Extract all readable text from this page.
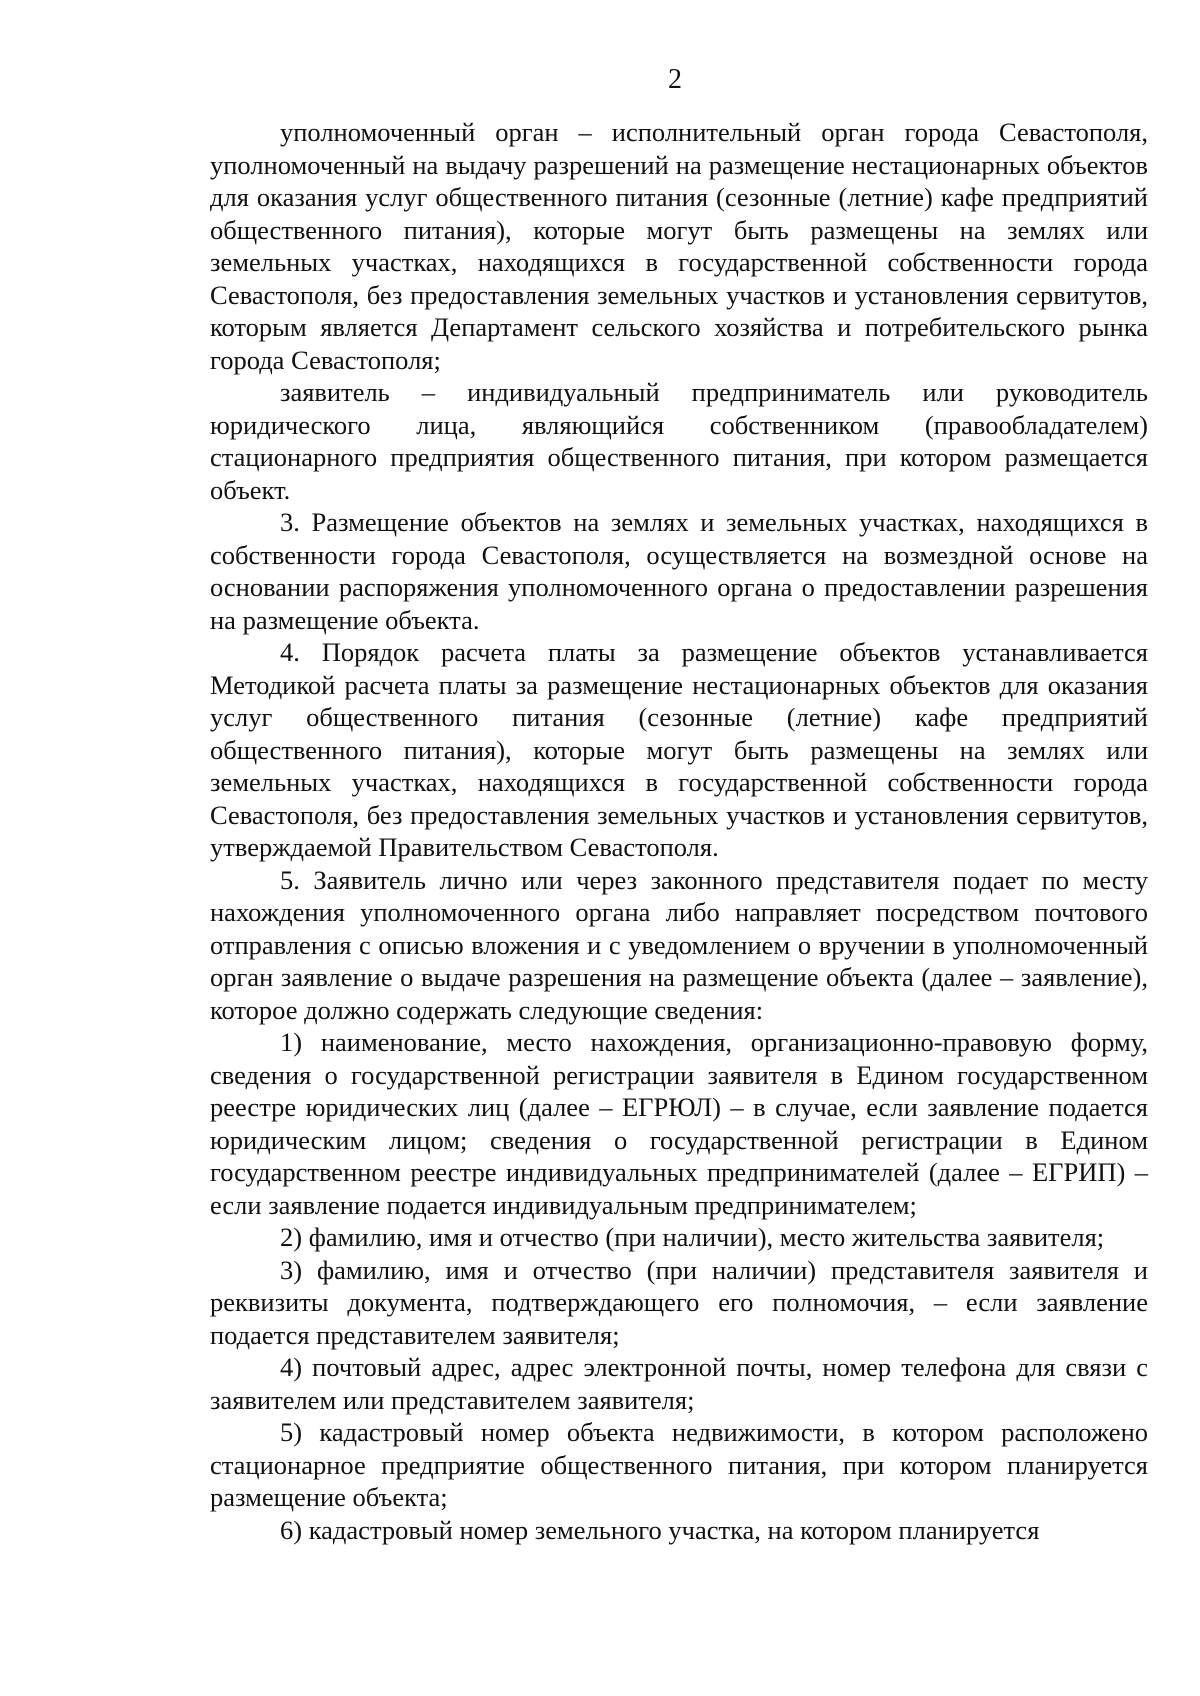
2

уполномоченный орган – исполнительный орган города Севастополя, уполномоченный на выдачу разрешений на размещение нестационарных объектов для оказания услуг общественного питания (сезонные (летние) кафе предприятий общественного питания), которые могут быть размещены на землях или земельных участках, находящихся в государственной собственности города Севастополя, без предоставления земельных участков и установления сервитутов, которым является Департамент сельского хозяйства и потребительского рынка города Севастополя;

заявитель – индивидуальный предприниматель или руководитель юридического лица, являющийся собственником (правообладателем) стационарного предприятия общественного питания, при котором размещается объект.

3. Размещение объектов на землях и земельных участках, находящихся в собственности города Севастополя, осуществляется на возмездной основе на основании распоряжения уполномоченного органа о предоставлении разрешения на размещение объекта.

4. Порядок расчета платы за размещение объектов устанавливается Методикой расчета платы за размещение нестационарных объектов для оказания услуг общественного питания (сезонные (летние) кафе предприятий общественного питания), которые могут быть размещены на землях или земельных участках, находящихся в государственной собственности города Севастополя, без предоставления земельных участков и установления сервитутов, утверждаемой Правительством Севастополя.

5. Заявитель лично или через законного представителя подает по месту нахождения уполномоченного органа либо направляет посредством почтового отправления с описью вложения и с уведомлением о вручении в уполномоченный орган заявление о выдаче разрешения на размещение объекта (далее – заявление), которое должно содержать следующие сведения:

1) наименование, место нахождения, организационно-правовую форму, сведения о государственной регистрации заявителя в Едином государственном реестре юридических лиц (далее – ЕГРЮЛ) – в случае, если заявление подается юридическим лицом; сведения о государственной регистрации в Едином государственном реестре индивидуальных предпринимателей (далее – ЕГРИП) – если заявление подается индивидуальным предпринимателем;

2) фамилию, имя и отчество (при наличии), место жительства заявителя;

3) фамилию, имя и отчество (при наличии) представителя заявителя и реквизиты документа, подтверждающего его полномочия, – если заявление подается представителем заявителя;

4) почтовый адрес, адрес электронной почты, номер телефона для связи с заявителем или представителем заявителя;

5) кадастровый номер объекта недвижимости, в котором расположено стационарное предприятие общественного питания, при котором планируется размещение объекта;

6) кадастровый номер земельного участка, на котором планируется
